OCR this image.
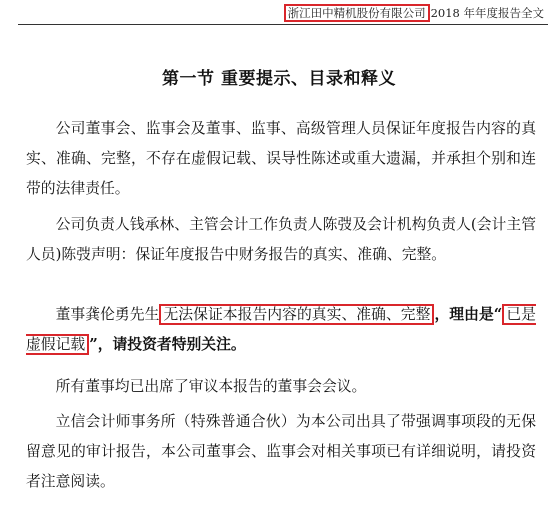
浙江田中精机股份有限公司 2018 年年度报告全文
第一节 重要提示、目录和释义

公司董事会、监事会及董事、监事、高级管理人员保证年度报告内容的真实、准确、完整，不存在虚假记载、误导性陈述或重大遗漏，并承担个别和连带的法律责任。

公司负责人钱承林、主管会计工作负责人陈弢及会计机构负责人(会计主管人员)陈弢声明：保证年度报告中财务报告的真实、准确、完整。

董事龚伦勇先生 无法保证本报告内容的真实、准确、完整 ，理由是“ 已是虚假记载 ”，请投资者特别关注。

所有董事均已出席了审议本报告的董事会会议。

立信会计师事务所（特殊普通合伙）为本公司出具了带强调事项段的无保留意见的审计报告，本公司董事会、监事会对相关事项已有详细说明，请投资者注意阅读。
